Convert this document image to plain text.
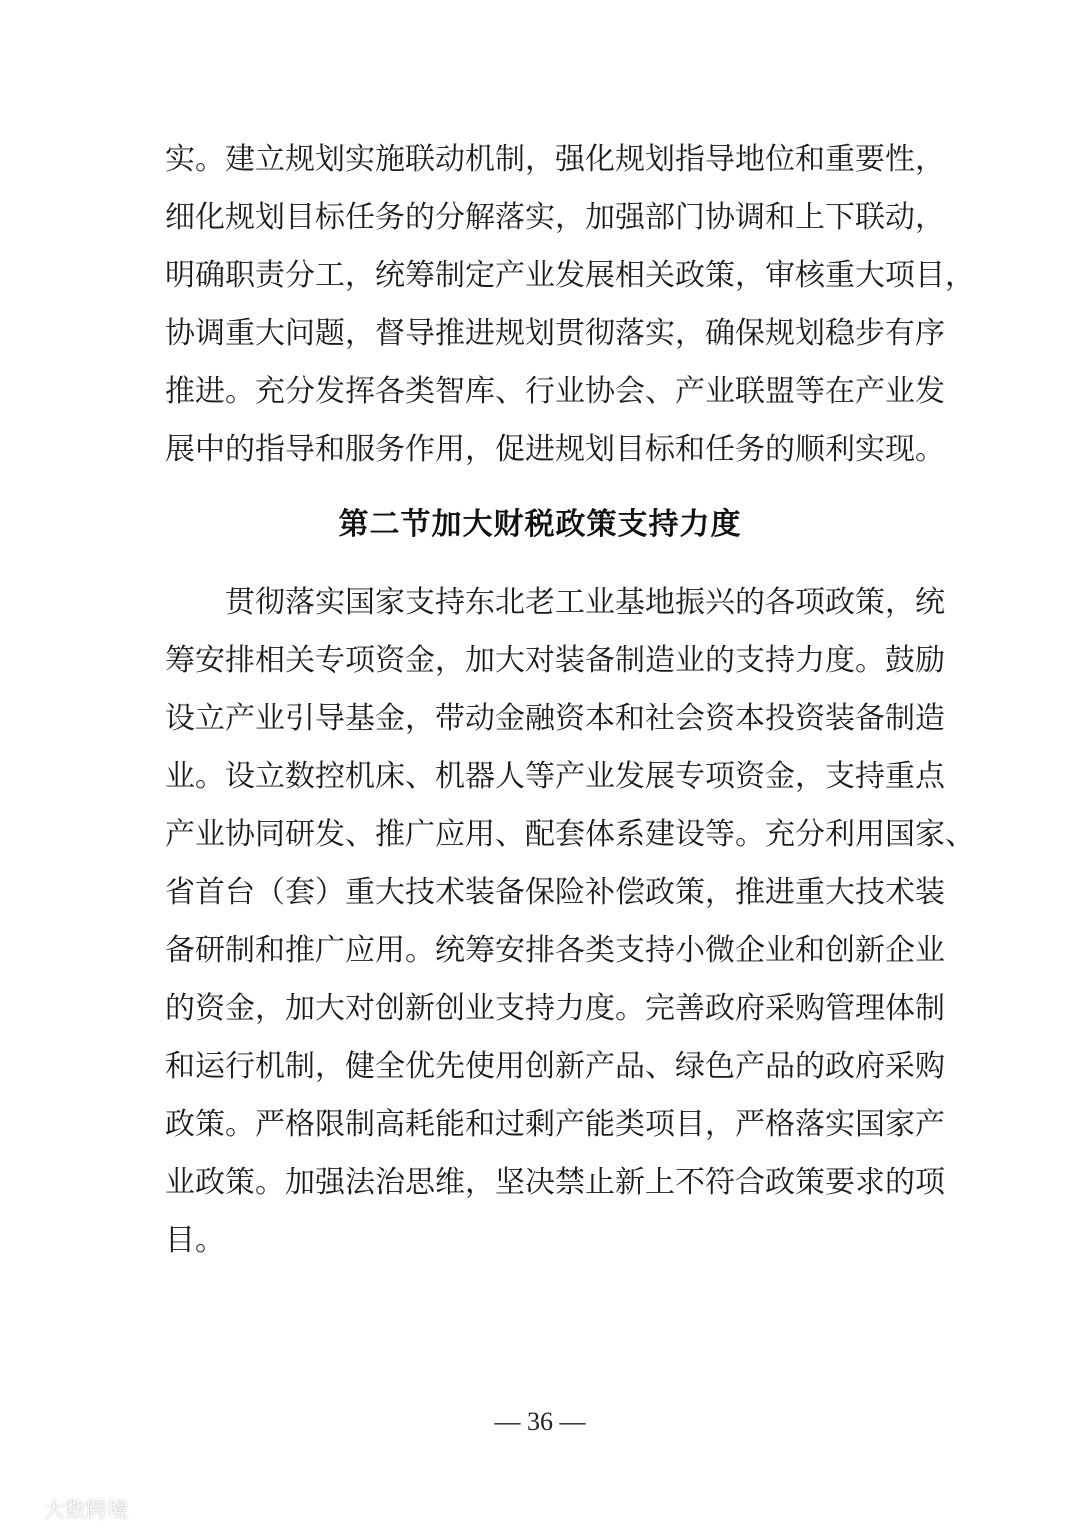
实。建立规划实施联动机制，强化规划指导地位和重要性，
细化规划目标任务的分解落实，加强部门协调和上下联动，
明确职责分工，统筹制定产业发展相关政策，审核重大项目，
协调重大问题，督导推进规划贯彻落实，确保规划稳步有序
推进。充分发挥各类智库、行业协会、产业联盟等在产业发
展中的指导和服务作用，促进规划目标和任务的顺利实现。
第二节加大财税政策支持力度
贯彻落实国家支持东北老工业基地振兴的各项政策，统
筹安排相关专项资金，加大对装备制造业的支持力度。鼓励
设立产业引导基金，带动金融资本和社会资本投资装备制造
业。设立数控机床、机器人等产业发展专项资金，支持重点
产业协同研发、推广应用、配套体系建设等。充分利用国家、
省首台（套）重大技术装备保险补偿政策，推进重大技术装
备研制和推广应用。统筹安排各类支持小微企业和创新企业
的资金，加大对创新创业支持力度。完善政府采购管理体制
和运行机制，健全优先使用创新产品、绿色产品的政府采购
政策。严格限制高耗能和过剩产能类项目，严格落实国家产
业政策。加强法治思维，坚决禁止新上不符合政策要求的项
目。
— 36 —
大数跨境
